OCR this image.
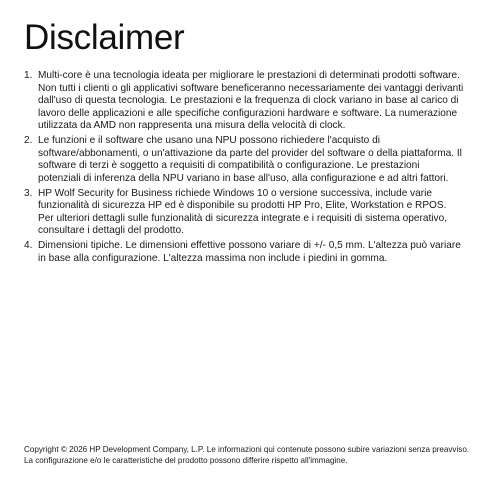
Disclaimer
1. Multi-core è una tecnologia ideata per migliorare le prestazioni di determinati prodotti software. Non tutti i clienti o gli applicativi software beneficeranno necessariamente dei vantaggi derivanti dall'uso di questa tecnologia. Le prestazioni e la frequenza di clock variano in base al carico di lavoro delle applicazioni e alle specifiche configurazioni hardware e software. La numerazione utilizzata da AMD non rappresenta una misura della velocità di clock.
2. Le funzioni e il software che usano una NPU possono richiedere l'acquisto di software/abbonamenti, o un'attivazione da parte del provider del software o della piattaforma. Il software di terzi è soggetto a requisiti di compatibilità o configurazione. Le prestazioni potenziali di inferenza della NPU variano in base all'uso, alla configurazione e ad altri fattori.
3. HP Wolf Security for Business richiede Windows 10 o versione successiva, include varie funzionalità di sicurezza HP ed è disponibile su prodotti HP Pro, Elite, Workstation e RPOS. Per ulteriori dettagli sulle funzionalità di sicurezza integrate e i requisiti di sistema operativo, consultare i dettagli del prodotto.
4. Dimensioni tipiche. Le dimensioni effettive possono variare di +/- 0,5 mm. L'altezza può variare in base alla configurazione. L'altezza massima non include i piedini in gomma.

Copyright © 2026 HP Development Company, L.P. Le informazioni qui contenute possono subire variazioni senza preavviso. La configurazione e/o le caratteristiche del prodotto possono differire rispetto all'immagine.
